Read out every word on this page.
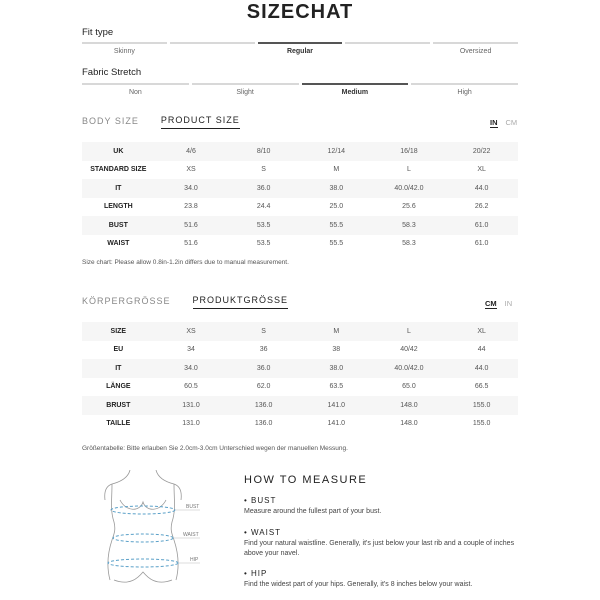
SIZECHAT
Fit type
Skinny	Regular	Oversized
Fabric Stretch
Non	Slight	Medium	High
BODY SIZE PRODUCT SIZE	IN CM
UK	4/6	8/10	12/14	16/18	20/22
STANDARD SIZE	XS	S	M	L	XL
IT	34.0	36.0	38.0	40.0/42.0	44.0
LENGTH	23.8	24.4	25.0	25.6	26.2
BUST	51.6	53.5	55.5	58.3	61.0
WAIST	51.6	53.5	55.5	58.3	61.0
Size chart: Please allow 0.8in-1.2in differs due to manual measurement.
KÖRPERGRÖSSE PRODUKTGRÖSSE	CM IN
SIZE	XS	S	M	L	XL
EU	34	36	38	40/42	44
IT	34.0	36.0	38.0	40.0/42.0	44.0
LÄNGE	60.5	62.0	63.5	65.0	66.5
BRUST	131.0	136.0	141.0	148.0	155.0
TAILLE	131.0	136.0	141.0	148.0	155.0
Größentabelle: Bitte erlauben Sie 2.0cm-3.0cm Unterschied wegen der manuellen Messung.
BUST
WAIST
HIP
HOW TO MEASURE
• BUST
Measure around the fullest part of your bust.
• WAIST
Find your natural waistline. Generally, it's just below your last rib and a couple of inches above your navel.
• HIP
Find the widest part of your hips. Generally, it's 8 inches below your waist.
